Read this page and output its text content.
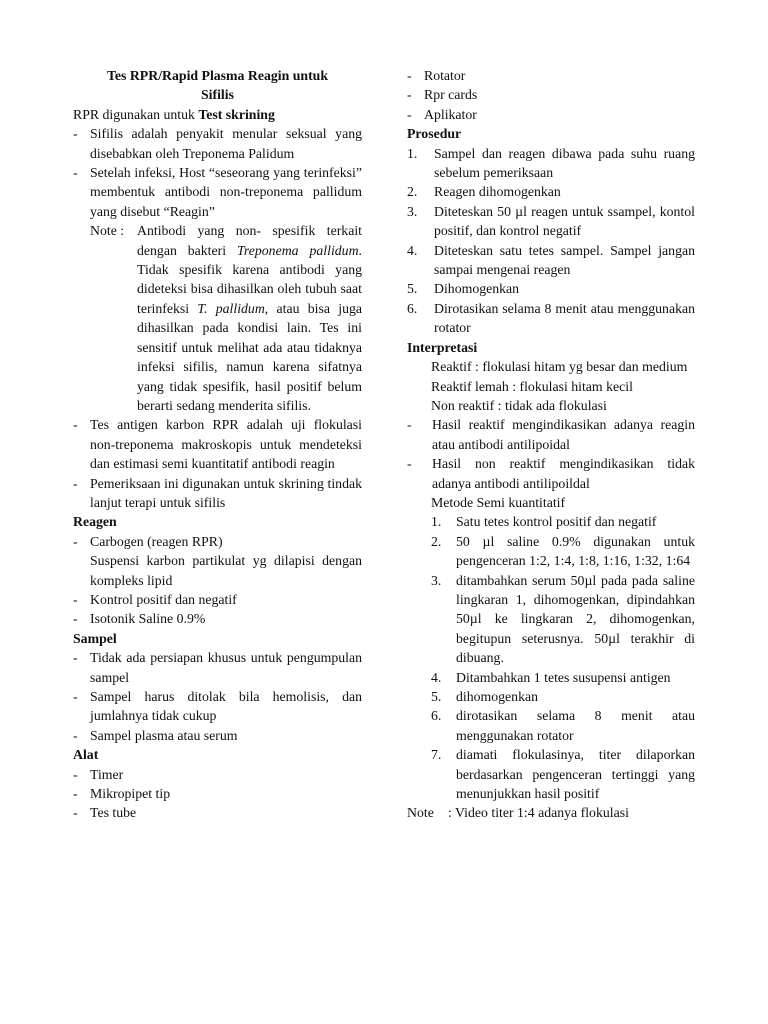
Tes RPR/Rapid Plasma Reagin untuk
Sifilis
RPR digunakan untuk Test skrining
- Sifilis adalah penyakit menular seksual yang disebabkan oleh Treponema Palidum
- Setelah infeksi, Host “seseorang yang terinfeksi” membentuk antibodi non-treponema pallidum yang disebut “Reagin”
Note : Antibodi yang non- spesifik terkait dengan bakteri Treponema pallidum. Tidak spesifik karena antibodi yang dideteksi bisa dihasilkan oleh tubuh saat terinfeksi T. pallidum, atau bisa juga dihasilkan pada kondisi lain. Tes ini sensitif untuk melihat ada atau tidaknya infeksi sifilis, namun karena sifatnya yang tidak spesifik, hasil positif belum berarti sedang menderita sifilis.
- Tes antigen karbon RPR adalah uji flokulasi non-treponema makroskopis untuk mendeteksi dan estimasi semi kuantitatif antibodi reagin
- Pemeriksaan ini digunakan untuk skrining tindak lanjut terapi untuk sifilis
Reagen
- Carbogen (reagen RPR)
Suspensi karbon partikulat yg dilapisi dengan kompleks lipid
- Kontrol positif dan negatif
- Isotonik Saline 0.9%
Sampel
- Tidak ada persiapan khusus untuk pengumpulan sampel
- Sampel harus ditolak bila hemolisis, dan jumlahnya tidak cukup
- Sampel plasma atau serum
Alat
- Timer
- Mikropipet tip
- Tes tube
- Rotator
- Rpr cards
- Aplikator
Prosedur
1.	Sampel dan reagen dibawa pada suhu ruang sebelum pemeriksaan
2.	Reagen dihomogenkan
3.	Diteteskan 50 µl reagen untuk ssampel, kontol positif, dan kontrol negatif
4.	Diteteskan satu tetes sampel. Sampel jangan sampai mengenai reagen
5.	Dihomogenkan
6.	Dirotasikan selama 8 menit atau menggunakan rotator
Interpretasi
Reaktif : flokulasi hitam yg besar dan medium
Reaktif lemah : flokulasi hitam kecil
Non reaktif : tidak ada flokulasi
-	Hasil reaktif mengindikasikan adanya reagin atau antibodi antilipoidal
-	Hasil non reaktif mengindikasikan tidak adanya antibodi antilipoildal
Metode Semi kuantitatif
1.	Satu tetes kontrol positif dan negatif
2.	50 µl saline 0.9% digunakan untuk pengenceran 1:2, 1:4, 1:8, 1:16, 1:32, 1:64
3.	ditambahkan serum 50µl pada pada saline lingkaran 1, dihomogenkan, dipindahkan 50µl ke lingkaran 2, dihomogenkan, begitupun seterusnya. 50µl terakhir di dibuang.
4.	Ditambahkan 1 tetes susupensi antigen
5.	dihomogenkan
6.	dirotasikan selama 8 menit atau menggunakan rotator
7.	diamati flokulasinya, titer dilaporkan berdasarkan pengenceran tertinggi yang menunjukkan hasil positif
Note	: Video titer 1:4 adanya flokulasi
